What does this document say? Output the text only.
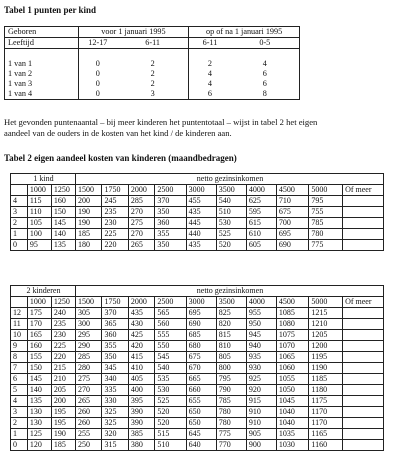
Tabel 1 punten per kind
Geboren	voor 1 januari 1995		op of na 1 januari 1995	
Leeftijd	12-17	6-11	6-11	0-5

1 van 1	0	2	2	4
1 van 2	0	2	4	6
1 van 3	0	2	4	6
1 van 4	0	3	6	8
Het gevonden puntenaantal – bij meer kinderen het puntentotaal – wijst in tabel 2 het eigen
aandeel van de ouders in de kosten van het kind / de kinderen aan.
Tabel 2 eigen aandeel kosten van kinderen (maandbedragen)
1 kind			netto gezinsinkomen									
	1000	1250	1500	1750	2000	2500	3000	3500	4000	4500	5000	Of meer
4	115	160	200	245	285	370	455	540	625	710	795	
3	110	150	190	235	270	350	435	510	595	675	755	
2	105	145	190	230	275	360	445	530	615	700	785	
1	100	140	185	225	270	355	440	525	610	695	780	
0	95	135	180	220	265	350	435	520	605	690	775	
2 kinderen			netto gezinsinkomen									
	1000	1250	1500	1750	2000	2500	3000	3500	4000	4500	5000	Of meer
12	175	240	305	370	435	565	695	825	955	1085	1215	
11	170	235	300	365	430	560	690	820	950	1080	1210	
10	165	230	295	360	425	555	685	815	945	1075	1205	
9	160	225	290	355	420	550	680	810	940	1070	1200	
8	155	220	285	350	415	545	675	805	935	1065	1195	
7	150	215	280	345	410	540	670	800	930	1060	1190	
6	145	210	275	340	405	535	665	795	925	1055	1185	
5	140	205	270	335	400	530	660	790	920	1050	1180	
4	135	200	265	330	395	525	655	785	915	1045	1175	
3	130	195	260	325	390	520	650	780	910	1040	1170	
2	130	195	260	325	390	520	650	780	910	1040	1170	
1	125	190	255	320	385	515	645	775	905	1035	1165	
0	120	185	250	315	380	510	640	770	900	1030	1160	
